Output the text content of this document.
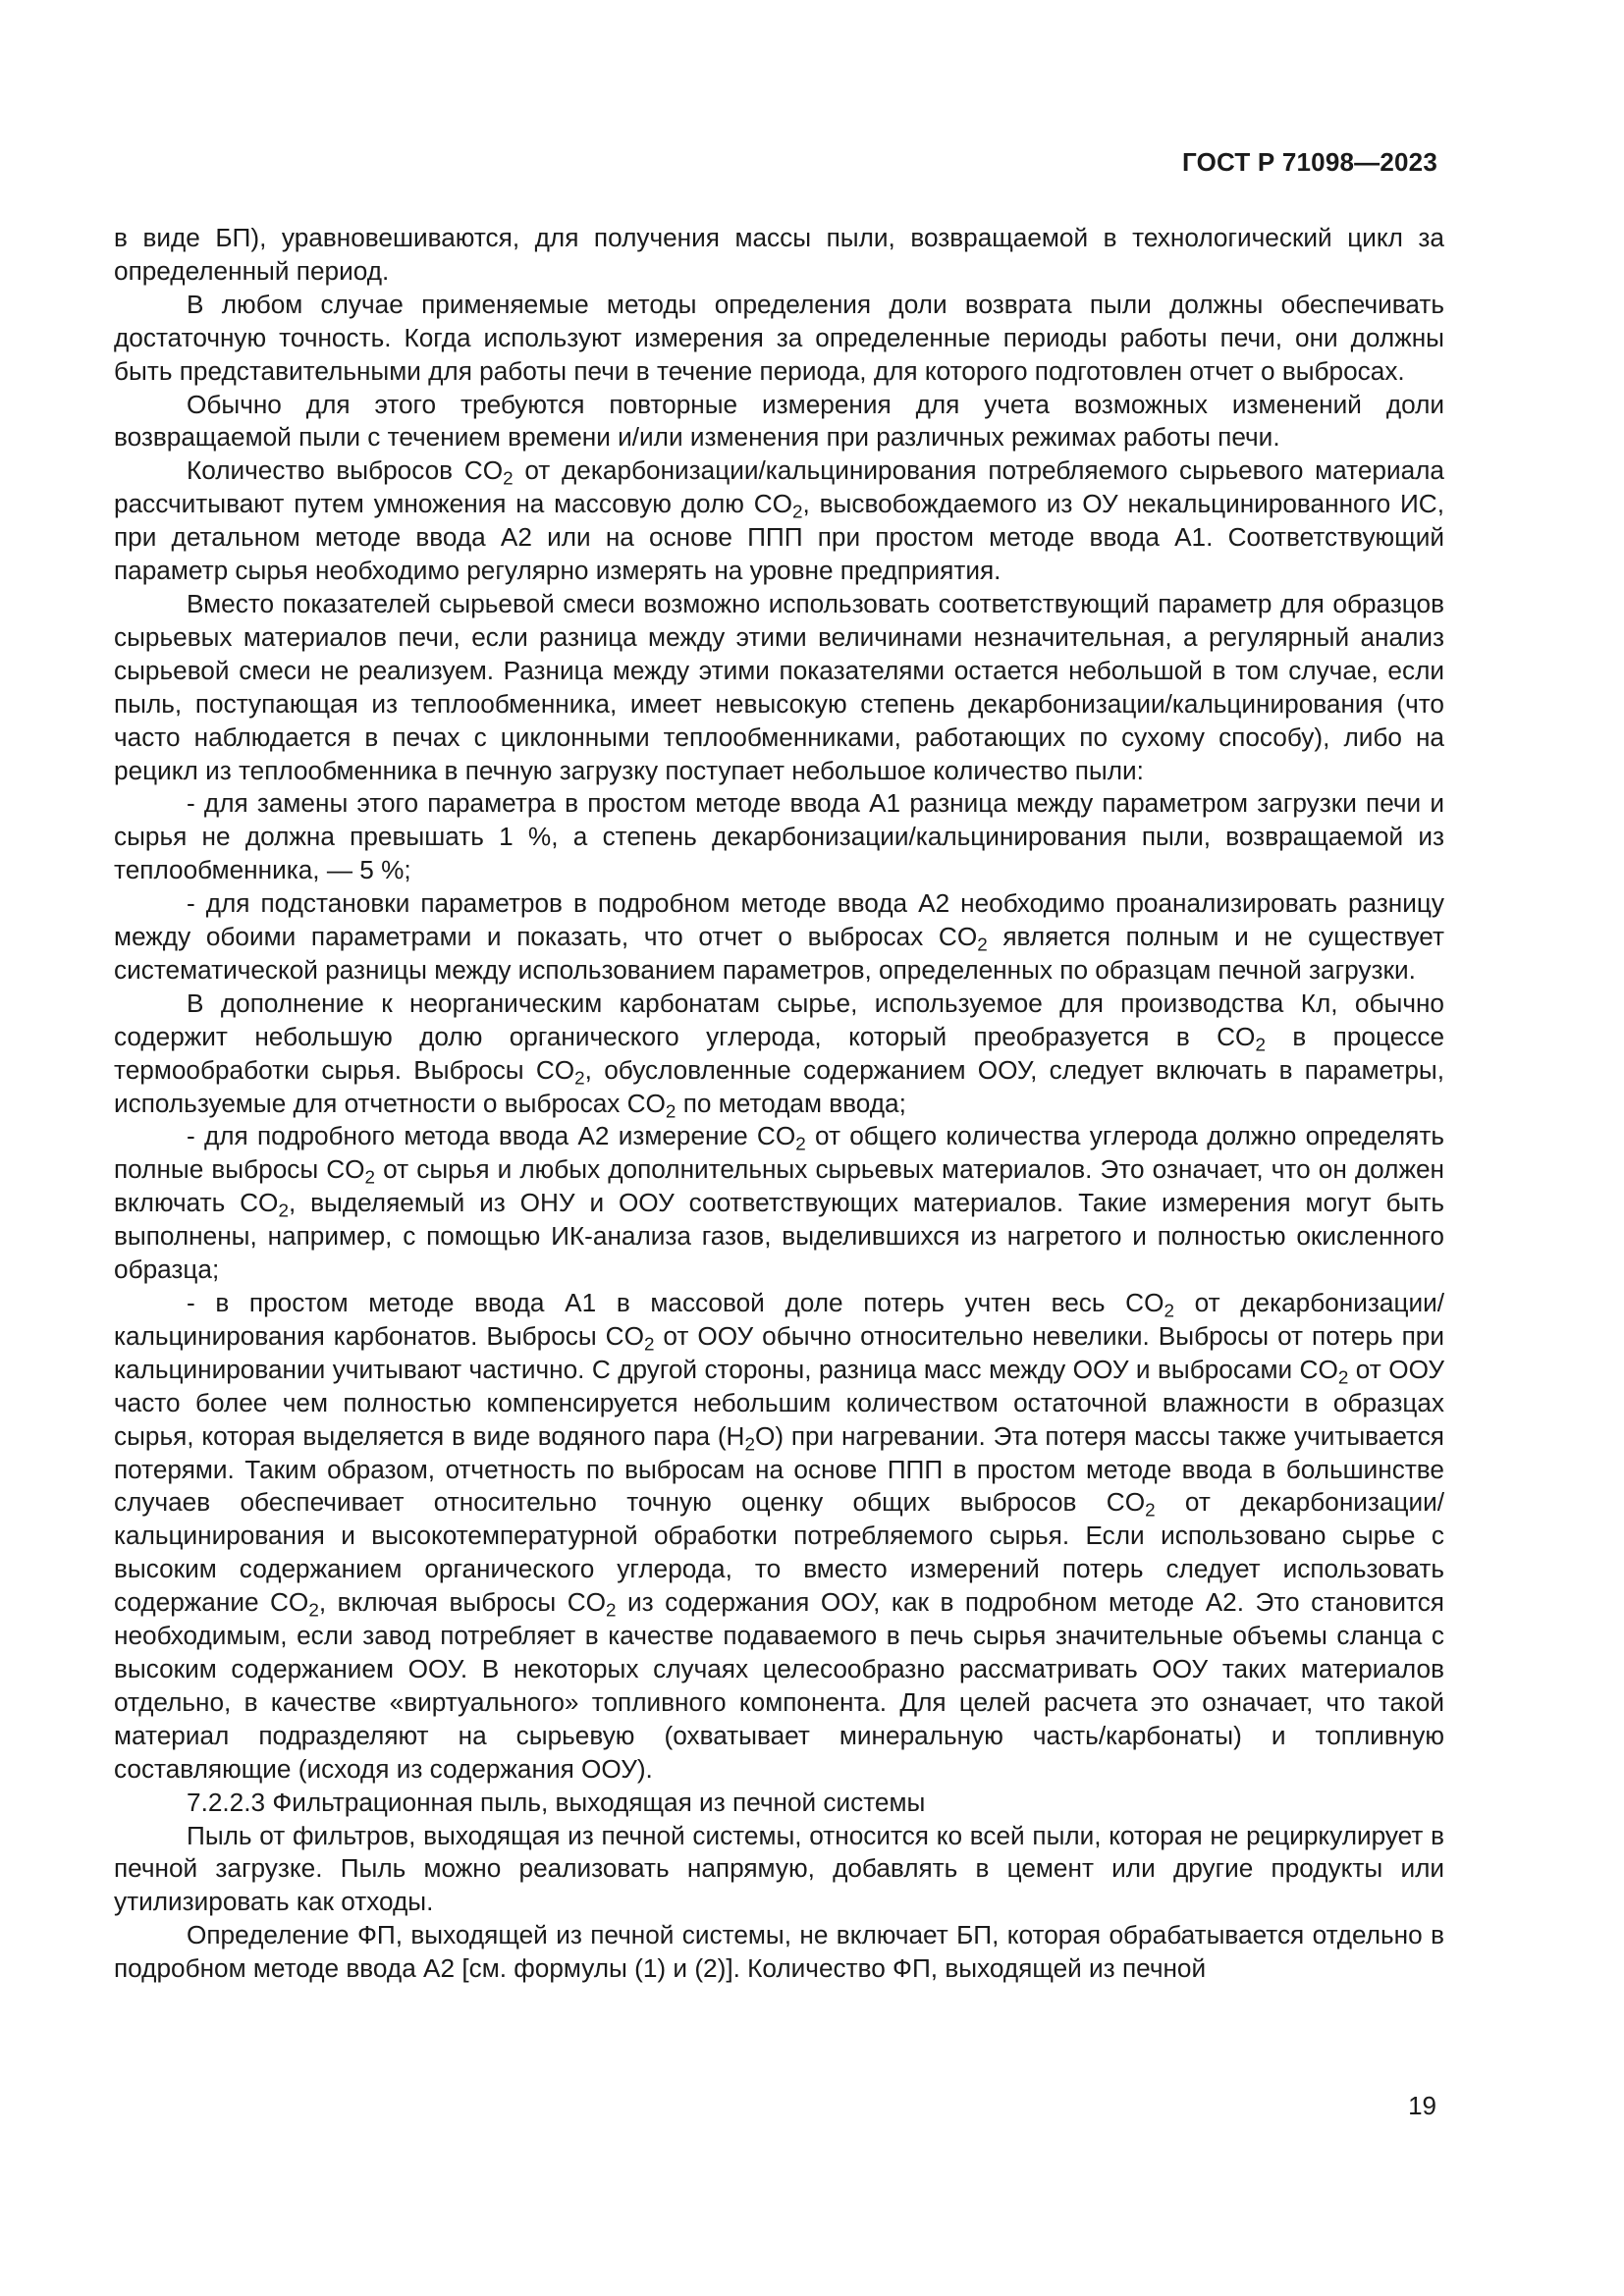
ГОСТ Р 71098—2023

в виде БП), уравновешиваются, для получения массы пыли, возвращаемой в технологический цикл за определенный период.

В любом случае применяемые методы определения доли возврата пыли должны обеспечивать достаточную точность. Когда используют измерения за определенные периоды работы печи, они должны быть представительными для работы печи в течение периода, для которого подготовлен отчет о выбросах.

Обычно для этого требуются повторные измерения для учета возможных изменений доли возвращаемой пыли с течением времени и/или изменения при различных режимах работы печи.

Количество выбросов $CO_2$ от декарбонизации/кальцинирования потребляемого сырьевого материала рассчитывают путем умножения на массовую долю $CO_2$, высвобождаемого из ОУ некальцинированного ИС, при детальном методе ввода А2 или на основе ППП при простом методе ввода А1. Соответствующий параметр сырья необходимо регулярно измерять на уровне предприятия.

Вместо показателей сырьевой смеси возможно использовать соответствующий параметр для образцов сырьевых материалов печи, если разница между этими величинами незначительная, а регулярный анализ сырьевой смеси не реализуем. Разница между этими показателями остается небольшой в том случае, если пыль, поступающая из теплообменника, имеет невысокую степень декарбонизации/кальцинирования (что часто наблюдается в печах с циклонными теплообменниками, работающих по сухому способу), либо на рецикл из теплообменника в печную загрузку поступает небольшое количество пыли:

- для замены этого параметра в простом методе ввода А1 разница между параметром загрузки печи и сырья не должна превышать 1 %, а степень декарбонизации/кальцинирования пыли, возвращаемой из теплообменника, — 5 %;

- для подстановки параметров в подробном методе ввода А2 необходимо проанализировать разницу между обоими параметрами и показать, что отчет о выбросах $CO_2$ является полным и не существует систематической разницы между использованием параметров, определенных по образцам печной загрузки.

В дополнение к неорганическим карбонатам сырье, используемое для производства Кл, обычно содержит небольшую долю органического углерода, который преобразуется в $CO_2$ в процессе термообработки сырья. Выбросы $CO_2$, обусловленные содержанием ООУ, следует включать в параметры, используемые для отчетности о выбросах $CO_2$ по методам ввода;

- для подробного метода ввода А2 измерение $CO_2$ от общего количества углерода должно определять полные выбросы $CO_2$ от сырья и любых дополнительных сырьевых материалов. Это означает, что он должен включать $CO_2$, выделяемый из ОНУ и ООУ соответствующих материалов. Такие измерения могут быть выполнены, например, с помощью ИК-анализа газов, выделившихся из нагретого и полностью окисленного образца;

- в простом методе ввода А1 в массовой доле потерь учтен весь $CO_2$ от декарбонизации/кальцинирования карбонатов. Выбросы $CO_2$ от ООУ обычно относительно невелики. Выбросы от потерь при кальцинировании учитывают частично. С другой стороны, разница масс между ООУ и выбросами $CO_2$ от ООУ часто более чем полностью компенсируется небольшим количеством остаточной влажности в образцах сырья, которая выделяется в виде водяного пара $(H_2O)$ при нагревании. Эта потеря массы также учитывается потерями. Таким образом, отчетность по выбросам на основе ППП в простом методе ввода в большинстве случаев обеспечивает относительно точную оценку общих выбросов $CO_2$ от декарбонизации/кальцинирования и высокотемпературной обработки потребляемого сырья. Если использовано сырье с высоким содержанием органического углерода, то вместо измерений потерь следует использовать содержание $CO_2$, включая выбросы $CO_2$ из содержания ООУ, как в подробном методе А2. Это становится необходимым, если завод потребляет в качестве подаваемого в печь сырья значительные объемы сланца с высоким содержанием ООУ. В некоторых случаях целесообразно рассматривать ООУ таких материалов отдельно, в качестве «виртуального» топливного компонента. Для целей расчета это означает, что такой материал подразделяют на сырьевую (охватывает минеральную часть/карбонаты) и топливную составляющие (исходя из содержания ООУ).

7.2.2.3 Фильтрационная пыль, выходящая из печной системы

Пыль от фильтров, выходящая из печной системы, относится ко всей пыли, которая не рециркулирует в печной загрузке. Пыль можно реализовать напрямую, добавлять в цемент или другие продукты или утилизировать как отходы.

Определение ФП, выходящей из печной системы, не включает БП, которая обрабатывается отдельно в подробном методе ввода А2 [см. формулы (1) и (2)]. Количество ФП, выходящей из печной

19
